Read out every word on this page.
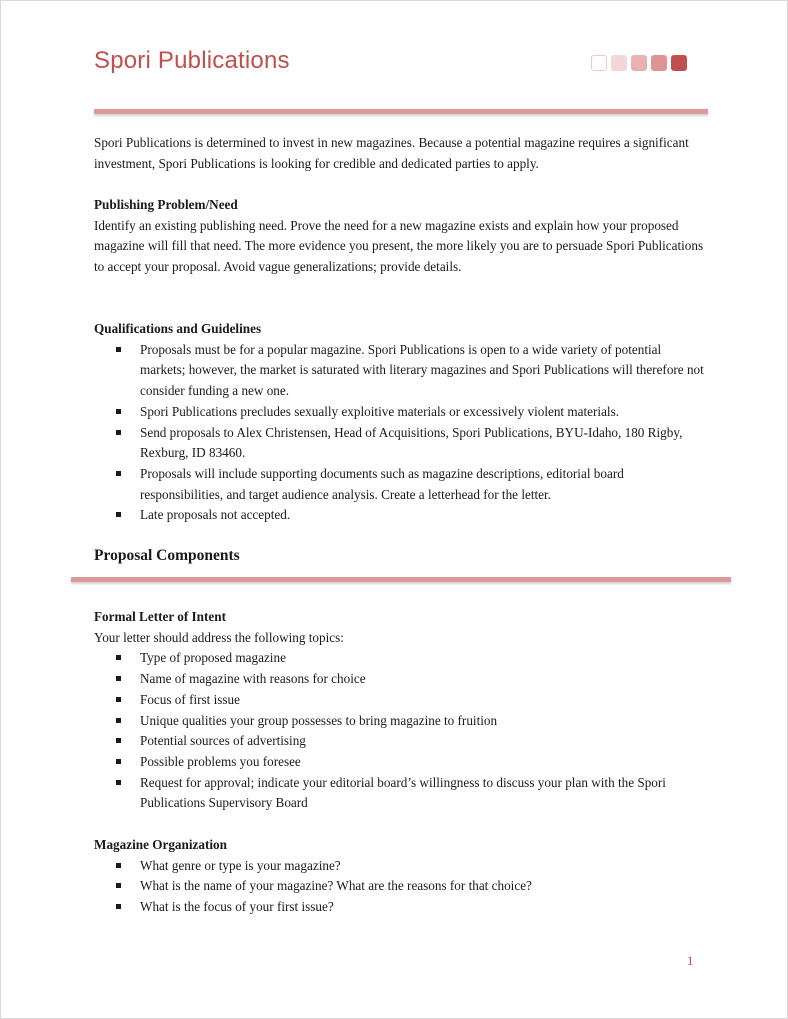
Spori Publications

Spori Publications is determined to invest in new magazines. Because a potential magazine requires a significant investment, Spori Publications is looking for credible and dedicated parties to apply.

Publishing Problem/Need

Identify an existing publishing need. Prove the need for a new magazine exists and explain how your proposed magazine will fill that need. The more evidence you present, the more likely you are to persuade Spori Publications to accept your proposal. Avoid vague generalizations; provide details.

Qualifications and Guidelines

Proposals must be for a popular magazine. Spori Publications is open to a wide variety of potential markets; however, the market is saturated with literary magazines and Spori Publications will therefore not consider funding a new one.
Spori Publications precludes sexually exploitive materials or excessively violent materials.
Send proposals to Alex Christensen, Head of Acquisitions, Spori Publications, BYU-Idaho, 180 Rigby, Rexburg, ID 83460.
Proposals will include supporting documents such as magazine descriptions, editorial board responsibilities, and target audience analysis. Create a letterhead for the letter.
Late proposals not accepted.
Proposal Components

Formal Letter of Intent

Your letter should address the following topics:

Type of proposed magazine
Name of magazine with reasons for choice
Focus of first issue
Unique qualities your group possesses to bring magazine to fruition
Potential sources of advertising
Possible problems you foresee
Request for approval; indicate your editorial board’s willingness to discuss your plan with the Spori Publications Supervisory Board

Magazine Organization

What genre or type is your magazine?
What is the name of your magazine? What are the reasons for that choice?
What is the focus of your first issue?
1
